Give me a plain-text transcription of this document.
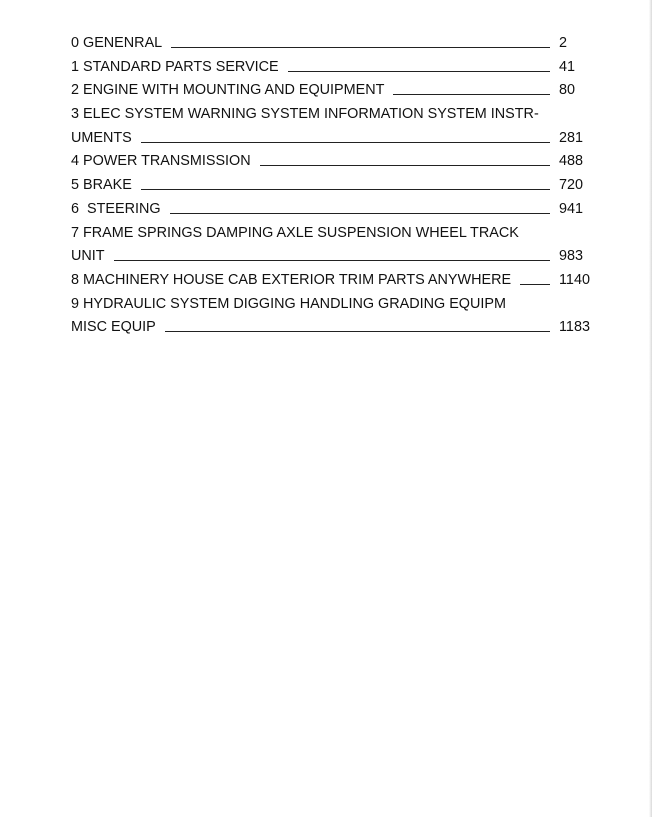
0 GENENRAL	2
1 STANDARD PARTS SERVICE	41
2 ENGINE WITH MOUNTING AND EQUIPMENT	80
3 ELEC SYSTEM WARNING SYSTEM INFORMATION SYSTEM INSTR-
UMENTS	281
4 POWER TRANSMISSION	488
5 BRAKE	720
6  STEERING	941
7 FRAME SPRINGS DAMPING AXLE SUSPENSION WHEEL TRACK
UNIT	983
8 MACHINERY HOUSE CAB EXTERIOR TRIM PARTS ANYWHERE	1140
9 HYDRAULIC SYSTEM DIGGING HANDLING GRADING EQUIPM
MISC EQUIP	1183
